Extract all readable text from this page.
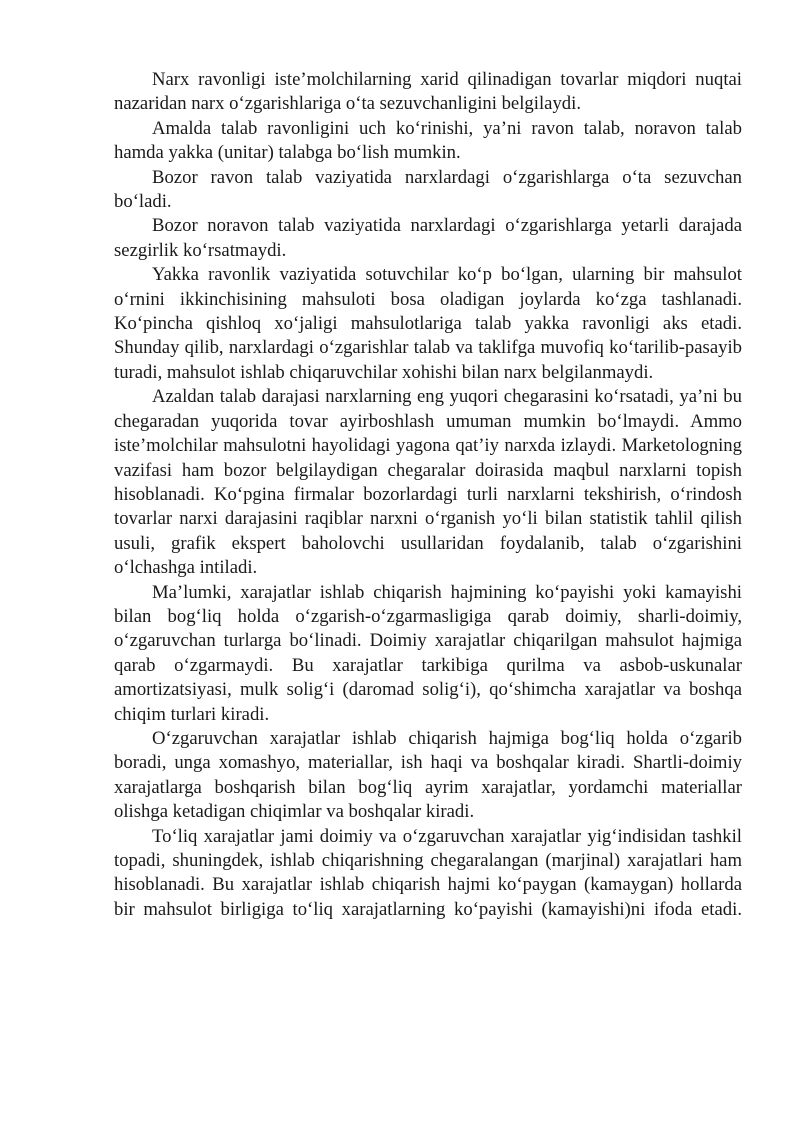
Narx ravonligi iste’molchilarning xarid qilinadigan tovarlar miqdori nuqtai nazaridan narx o‘zgarishlariga o‘ta sezuvchanligini belgilaydi.

Amalda talab ravonligini uch ko‘rinishi, ya’ni ravon talab, noravon talab hamda yakka (unitar) talabga bo‘lish mumkin.

Bozor ravon talab vaziyatida narxlardagi o‘zgarishlarga o‘ta sezuvchan bo‘ladi.

Bozor noravon talab vaziyatida narxlardagi o‘zgarishlarga yetarli darajada sezgirlik ko‘rsatmaydi.

Yakka ravonlik vaziyatida sotuvchilar ko‘p bo‘lgan, ularning bir mahsulot o‘rnini ikkinchisining mahsuloti bosa oladigan joylarda ko‘zga tashlanadi. Ko‘pincha qishloq xo‘jaligi mahsulotlariga talab yakka ravonligi aks etadi. Shunday qilib, narxlardagi o‘zgarishlar talab va taklifga muvofiq ko‘tarilib-pasayib turadi, mahsulot ishlab chiqaruvchilar xohishi bilan narx belgilanmaydi.

Azaldan talab darajasi narxlarning eng yuqori chegarasini ko‘rsatadi, ya’ni bu chegaradan yuqorida tovar ayirboshlash umuman mumkin bo‘lmaydi. Ammo iste’molchilar mahsulotni hayolidagi yagona qat’iy narxda izlaydi. Marketologning vazifasi ham bozor belgilaydigan chegaralar doirasida maqbul narxlarni topish hisoblanadi. Ko‘pgina firmalar bozorlardagi turli narxlarni tekshirish, o‘rindosh tovarlar narxi darajasini raqiblar narxni o‘rganish yo‘li bilan statistik tahlil qilish usuli, grafik ekspert baholovchi usullaridan foydalanib, talab o‘zgarishini o‘lchashga intiladi.

Ma’lumki, xarajatlar ishlab chiqarish hajmining ko‘payishi yoki kamayishi bilan bog‘liq holda o‘zgarish-o‘zgarmasligiga qarab doimiy, sharli-doimiy, o‘zgaruvchan turlarga bo‘linadi. Doimiy xarajatlar chiqarilgan mahsulot hajmiga qarab o‘zgarmaydi. Bu xarajatlar tarkibiga qurilma va asbob-uskunalar amortizatsiyasi, mulk solig‘i (daromad solig‘i), qo‘shimcha xarajatlar va boshqa chiqim turlari kiradi.

O‘zgaruvchan xarajatlar ishlab chiqarish hajmiga bog‘liq holda o‘zgarib boradi, unga xomashyo, materiallar, ish haqi va boshqalar kiradi. Shartli-doimiy xarajatlarga boshqarish bilan bog‘liq ayrim xarajatlar, yordamchi materiallar olishga ketadigan chiqimlar va boshqalar kiradi.

To‘liq xarajatlar jami doimiy va o‘zgaruvchan xarajatlar yig‘indisidan tashkil topadi, shuningdek, ishlab chiqarishning chegaralangan (marjinal) xarajatlari ham hisoblanadi. Bu xarajatlar ishlab chiqarish hajmi ko‘paygan (kamaygan) hollarda bir mahsulot birligiga to‘liq xarajatlarning ko‘payishi (kamayishi)ni ifoda etadi.
